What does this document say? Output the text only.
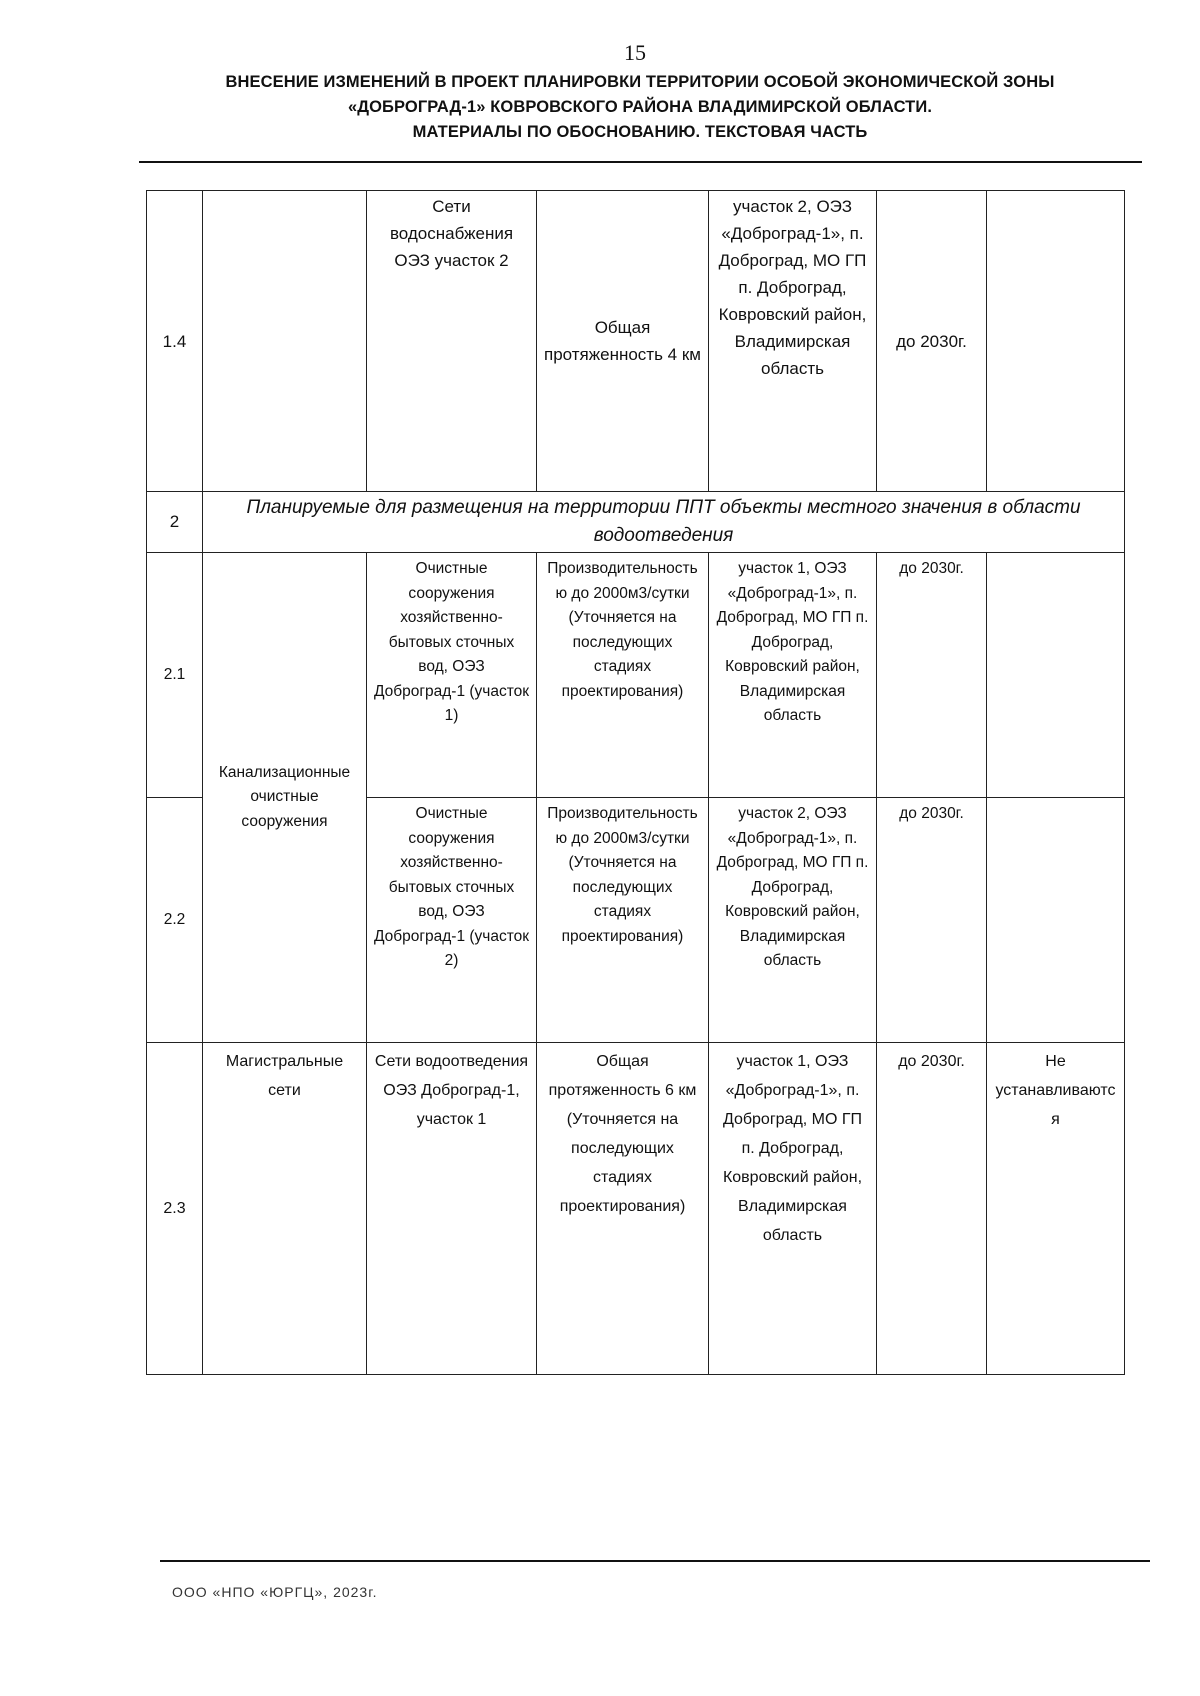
15
ВНЕСЕНИЕ ИЗМЕНЕНИЙ В ПРОЕКТ ПЛАНИРОВКИ ТЕРРИТОРИИ ОСОБОЙ ЭКОНОМИЧЕСКОЙ ЗОНЫ
«ДОБРОГРАД-1» КОВРОВСКОГО РАЙОНА ВЛАДИМИРСКОЙ ОБЛАСТИ.
МАТЕРИАЛЫ ПО ОБОСНОВАНИЮ. ТЕКСТОВАЯ ЧАСТЬ
1.4		Сети водоснабжения ОЭЗ участок 2	Общая протяженность 4 км	участок 2, ОЭЗ «Доброград-1», п. Доброград, МО ГП п. Доброград, Ковровский район, Владимирская область	до 2030г.	
2	Планируемые для размещения на территории ППТ объекты местного значения в области водоотведения					
2.1	Канализационные очистные сооружения	Очистные сооружения хозяйственно-бытовых сточных вод, ОЭЗ Доброград-1 (участок 1)	Производительностью до 2000м3/сутки (Уточняется на последующих стадиях проектирования)	участок 1, ОЭЗ «Доброград-1», п. Доброград, МО ГП п. Доброград, Ковровский район, Владимирская область	до 2030г.	
2.2		Очистные сооружения хозяйственно-бытовых сточных вод, ОЭЗ Доброград-1 (участок 2)	Производительностью до 2000м3/сутки (Уточняется на последующих стадиях проектирования)	участок 2, ОЭЗ «Доброград-1», п. Доброград, МО ГП п. Доброград, Ковровский район, Владимирская область	до 2030г.	
2.3	Магистральные сети	Сети водоотведения ОЭЗ Доброград-1, участок 1	Общая протяженность 6 км (Уточняется на последующих стадиях проектирования)	участок 1, ОЭЗ «Доброград-1», п. Доброград, МО ГП п. Доброград, Ковровский район, Владимирская область	до 2030г.	Не устанавливаются
ООО «НПО «ЮРГЦ», 2023г.
